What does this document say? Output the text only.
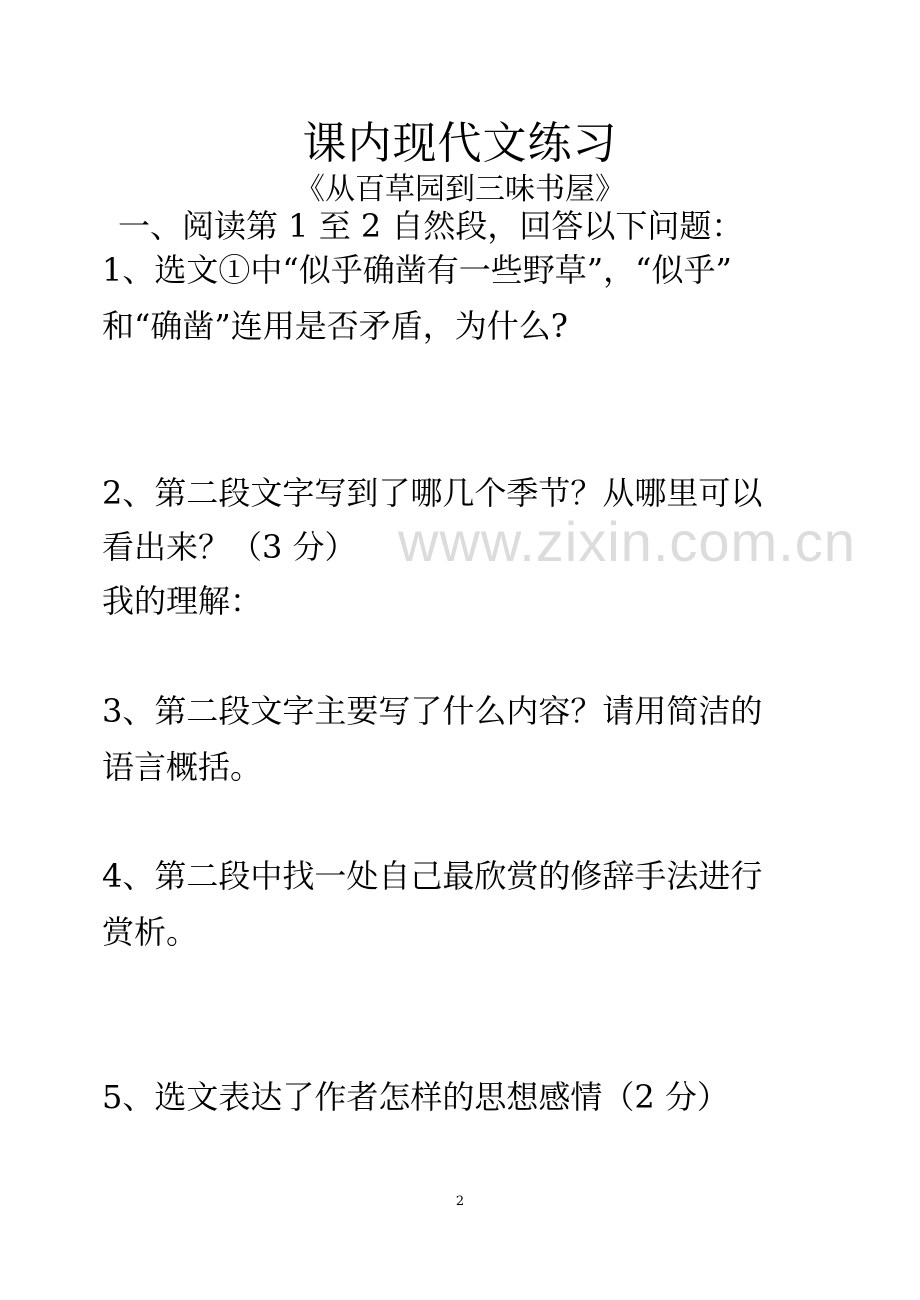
课内现代文练习
《从百草园到三味书屋》
一、阅读第 1 至 2 自然段，回答以下问题：
1、选文①中“似乎确凿有一些野草”，“似乎”
和“确凿”连用是否矛盾，为什么?
2、第二段文字写到了哪几个季节？从哪里可以
看出来？（3 分）
我的理解：
3、第二段文字主要写了什么内容？请用简洁的
语言概括。
4、第二段中找一处自己最欣赏的修辞手法进行
赏析。
5、选文表达了作者怎样的思想感情（2 分）
www.zixin.com.cn
2
